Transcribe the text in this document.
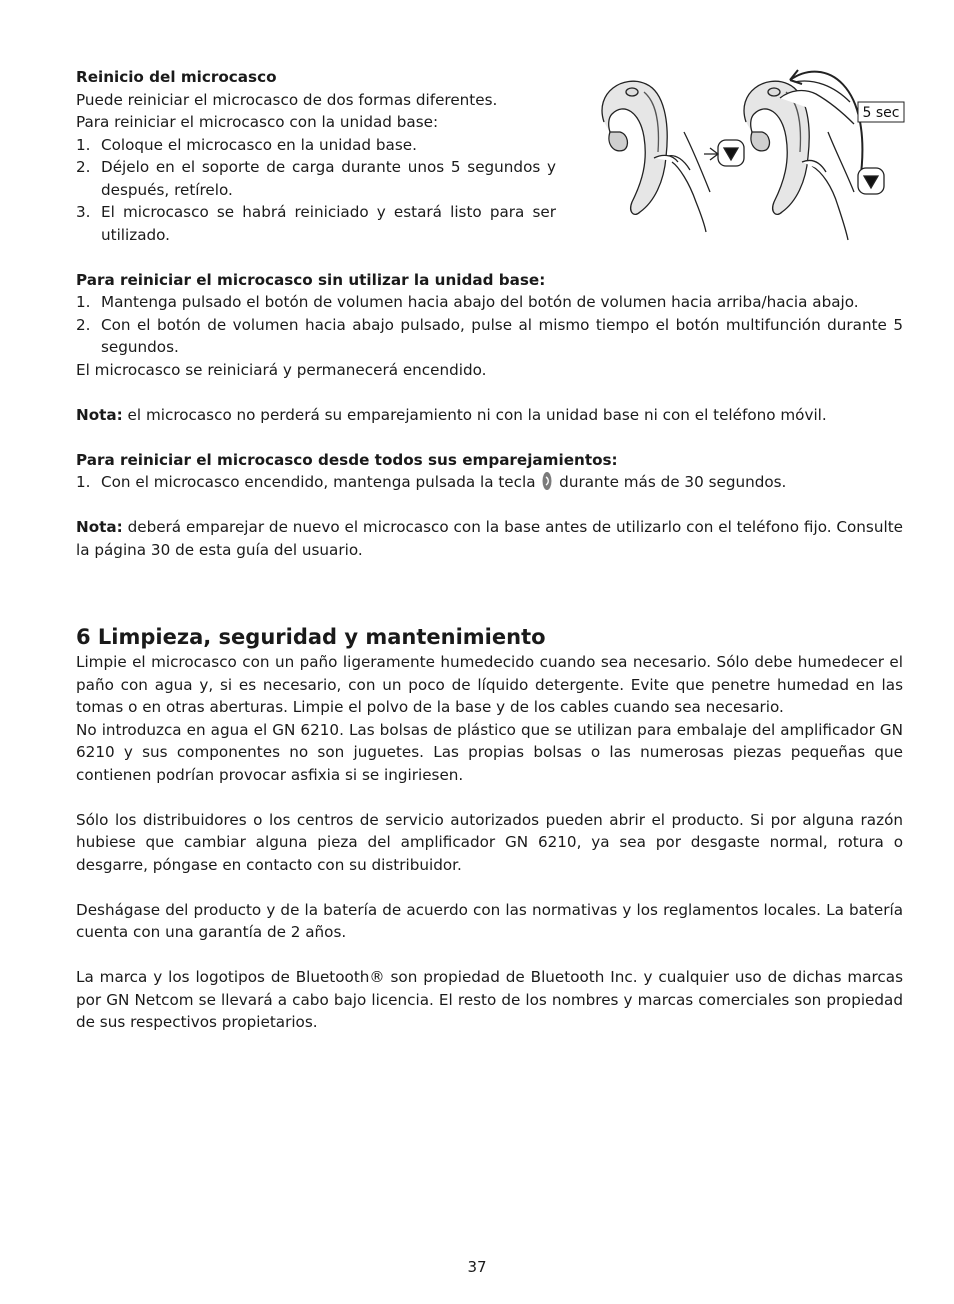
5 sec

Reinicio del microcasco

Puede reiniciar el microcasco de dos formas diferentes.

Para reiniciar el microcasco con la unidad base:

1. Coloque el microcasco en la unidad base.
2. Déjelo en el soporte de carga durante unos 5 segundos y después, retírelo.
3. El microcasco se habrá reiniciado y estará listo para ser utilizado.

Para reiniciar el microcasco sin utilizar la unidad base:

1. Mantenga pulsado el botón de volumen hacia abajo del botón de volumen hacia arriba/hacia abajo.
2. Con el botón de volumen hacia abajo pulsado, pulse al mismo tiempo el botón multifunción durante 5 segundos.

El microcasco se reiniciará y permanecerá encendido.

Nota: el microcasco no perderá su emparejamiento ni con la unidad base ni con el teléfono móvil.

Para reiniciar el microcasco desde todos sus emparejamientos:

1. Con el microcasco encendido, mantenga pulsada la tecla  durante más de 30 segundos.

Nota: deberá emparejar de nuevo el microcasco con la base antes de utilizarlo con el teléfono fijo. Consulte la página 30 de esta guía del usuario.

6 Limpieza, seguridad y mantenimiento

Limpie el microcasco con un paño ligeramente humedecido cuando sea necesario. Sólo debe humedecer el paño con agua y, si es necesario, con un poco de líquido detergente. Evite que penetre humedad en las tomas o en otras aberturas. Limpie el polvo de la base y de los cables cuando sea necesario.

No introduzca en agua el GN 6210. Las bolsas de plástico que se utilizan para embalaje del amplificador GN 6210 y sus componentes no son juguetes. Las propias bolsas o las numerosas piezas pequeñas que contienen podrían provocar asfixia si se ingiriesen.

Sólo los distribuidores o los centros de servicio autorizados pueden abrir el producto. Si por alguna razón hubiese que cambiar alguna pieza del amplificador GN 6210, ya sea por desgaste normal, rotura o desgarre, póngase en contacto con su distribuidor.

Deshágase del producto y de la batería de acuerdo con las normativas y los reglamentos locales. La batería cuenta con una garantía de 2 años.

La marca y los logotipos de Bluetooth® son propiedad de Bluetooth Inc. y cualquier uso de dichas marcas por GN Netcom se llevará a cabo bajo licencia. El resto de los nombres y marcas comerciales son propiedad de sus respectivos propietarios.

37
